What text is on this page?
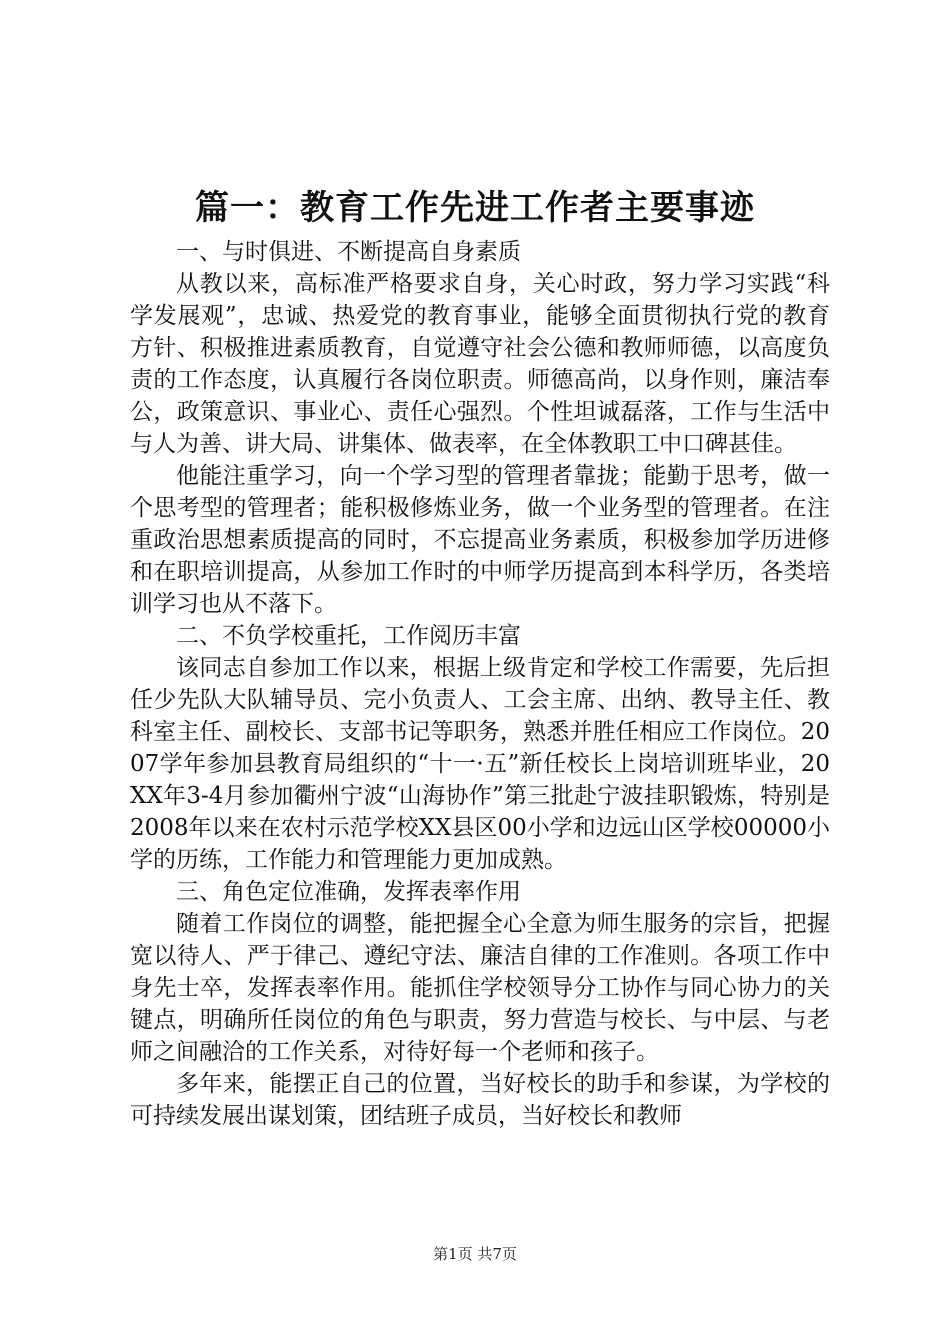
篇一：教育工作先进工作者主要事迹

一、与时俱进、不断提高自身素质

从教以来，高标准严格要求自身，关心时政，努力学习实践“科学发展观”，忠诚、热爱党的教育事业，能够全面贯彻执行党的教育方针、积极推进素质教育，自觉遵守社会公德和教师师德，以高度负责的工作态度，认真履行各岗位职责。师德高尚，以身作则，廉洁奉公，政策意识、事业心、责任心强烈。个性坦诚磊落，工作与生活中与人为善、讲大局、讲集体、做表率，在全体教职工中口碑甚佳。

他能注重学习，向一个学习型的管理者靠拢；能勤于思考，做一个思考型的管理者；能积极修炼业务，做一个业务型的管理者。在注重政治思想素质提高的同时，不忘提高业务素质，积极参加学历进修和在职培训提高，从参加工作时的中师学历提高到本科学历，各类培训学习也从不落下。

二、不负学校重托，工作阅历丰富

该同志自参加工作以来，根据上级肯定和学校工作需要，先后担任少先队大队辅导员、完小负责人、工会主席、出纳、教导主任、教科室主任、副校长、支部书记等职务，熟悉并胜任相应工作岗位。2007学年参加县教育局组织的“十一·五”新任校长上岗培训班毕业，20XX年3-4月参加衢州宁波“山海协作”第三批赴宁波挂职锻炼，特别是2008年以来在农村示范学校XX县区00小学和边远山区学校00000小学的历练，工作能力和管理能力更加成熟。

三、角色定位准确，发挥表率作用

随着工作岗位的调整，能把握全心全意为师生服务的宗旨，把握宽以待人、严于律己、遵纪守法、廉洁自律的工作准则。各项工作中身先士卒，发挥表率作用。能抓住学校领导分工协作与同心协力的关键点，明确所任岗位的角色与职责，努力营造与校长、与中层、与老师之间融洽的工作关系，对待好每一个老师和孩子。

多年来，能摆正自己的位置，当好校长的助手和参谋，为学校的可持续发展出谋划策，团结班子成员，当好校长和教师

第1页 共7页
